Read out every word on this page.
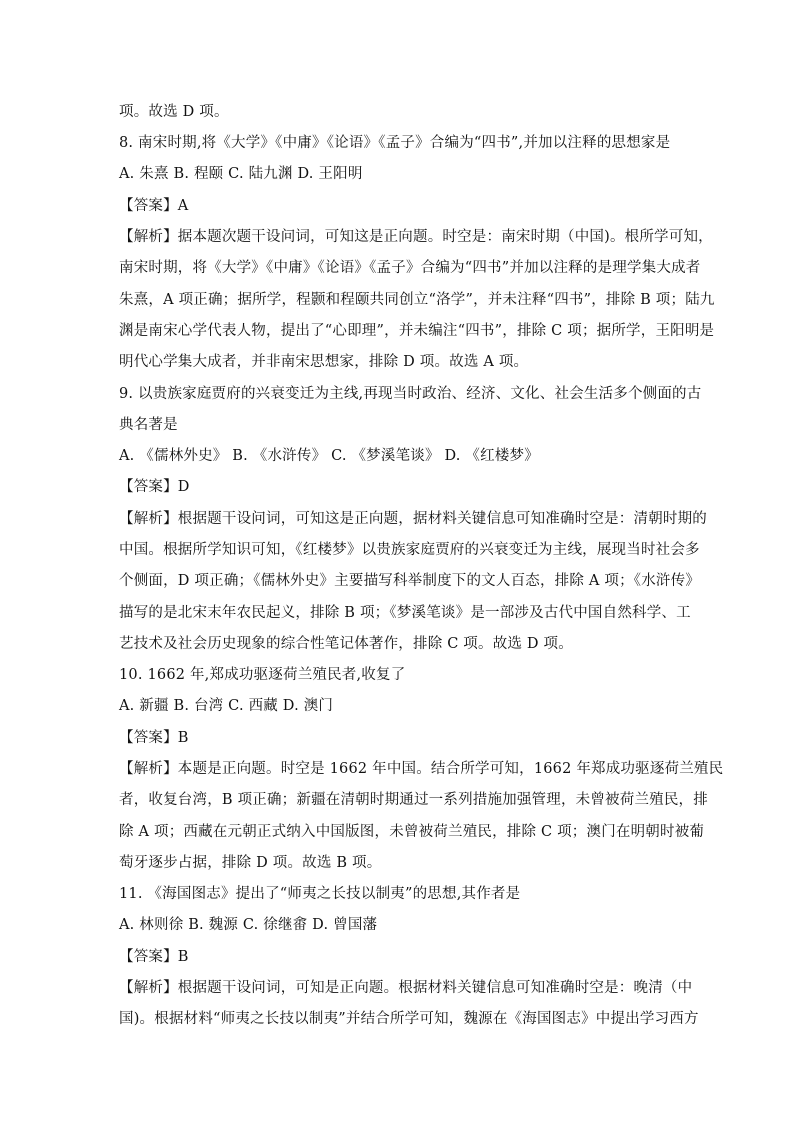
项。故选 D 项。
8. 南宋时期,将《大学》《中庸》《论语》《孟子》合编为“四书”,并加以注释的思想家是
A. 朱熹 B. 程颐 C. 陆九渊 D. 王阳明
【答案】A
【解析】据本题次题干设问词，可知这是正向题。时空是：南宋时期（中国)。根所学可知，
南宋时期，将《大学》《中庸》《论语》《孟子》合编为“四书”并加以注释的是理学集大成者
朱熹，A 项正确；据所学，程颢和程颐共同创立“洛学”，并未注释“四书”，排除 B 项；陆九
渊是南宋心学代表人物，提出了“心即理”，并未编注“四书”，排除 C 项；据所学，王阳明是
明代心学集大成者，并非南宋思想家，排除 D 项。故选 A 项。
9. 以贵族家庭贾府的兴衰变迁为主线,再现当时政治、经济、文化、社会生活多个侧面的古
典名著是
A. 《儒林外史》 B. 《水浒传》 C. 《梦溪笔谈》 D. 《红楼梦》
【答案】D
【解析】根据题干设问词，可知这是正向题，据材料关键信息可知准确时空是：清朝时期的
中国。根据所学知识可知，《红楼梦》以贵族家庭贾府的兴衰变迁为主线，展现当时社会多
个侧面，D 项正确；《儒林外史》主要描写科举制度下的文人百态，排除 A 项；《水浒传》
描写的是北宋末年农民起义，排除 B 项；《梦溪笔谈》是一部涉及古代中国自然科学、工
艺技术及社会历史现象的综合性笔记体著作，排除 C 项。故选 D 项。
10. 1662 年,郑成功驱逐荷兰殖民者,收复了
A. 新疆 B. 台湾 C. 西藏 D. 澳门
【答案】B
【解析】本题是正向题。时空是 1662 年中国。结合所学可知，1662 年郑成功驱逐荷兰殖民
者，收复台湾，B 项正确；新疆在清朝时期通过一系列措施加强管理，未曾被荷兰殖民，排
除 A 项；西藏在元朝正式纳入中国版图，未曾被荷兰殖民，排除 C 项；澳门在明朝时被葡
萄牙逐步占据，排除 D 项。故选 B 项。
11. 《海国图志》提出了“师夷之长技以制夷”的思想,其作者是
A. 林则徐 B. 魏源 C. 徐继畬 D. 曾国藩
【答案】B
【解析】根据题干设问词，可知是正向题。根据材料关键信息可知准确时空是：晚清（中
国)。根据材料“师夷之长技以制夷”并结合所学可知，魏源在《海国图志》中提出学习西方
